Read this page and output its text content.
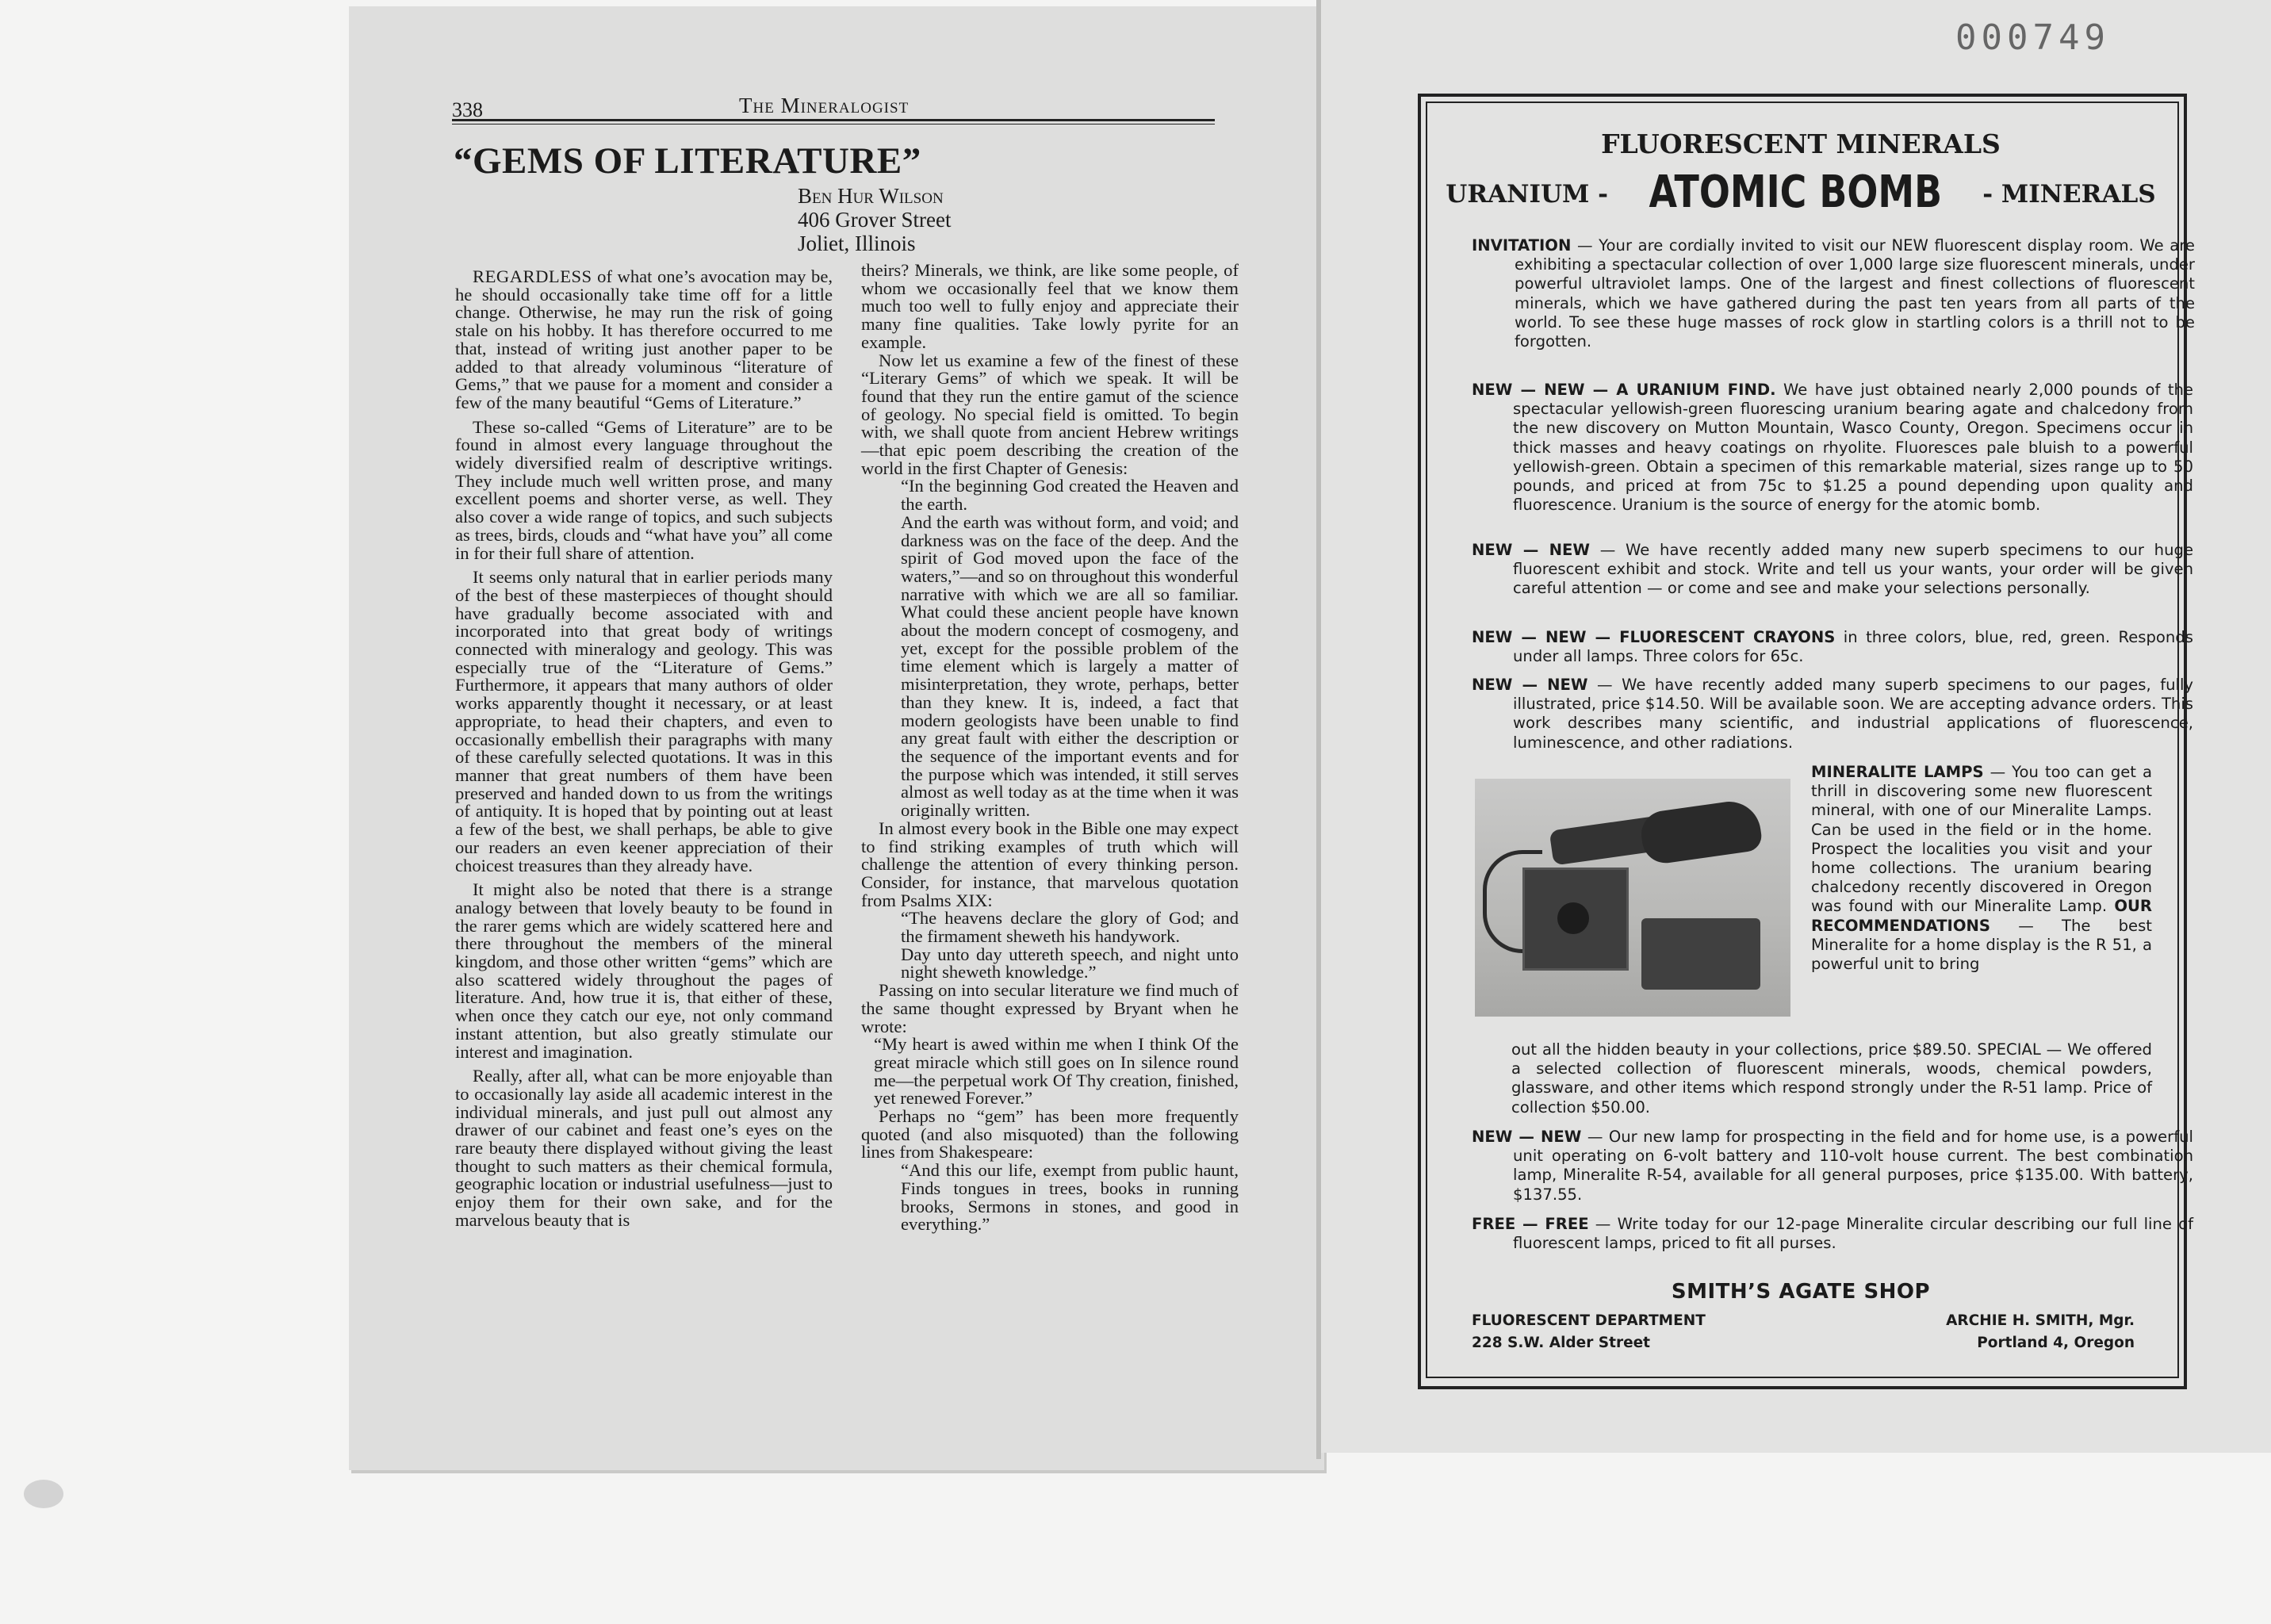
000749
338	The Mineralogist
“GEMS OF LITERATURE”
Ben Hur Wilson
406 Grover Street
Joliet, Illinois

REGARDLESS of what one’s avocation may be, he should occasionally take time off for a little change. Otherwise, he may run the risk of going stale on his hobby. It has therefore occurred to me that, instead of writing just another paper to be added to that already voluminous “literature of Gems,” that we pause for a moment and consider a few of the many beautiful “Gems of Literature.”

These so-called “Gems of Literature” are to be found in almost every language throughout the widely diversified realm of descriptive writings. They include much well written prose, and many excellent poems and shorter verse, as well. They also cover a wide range of topics, and such subjects as trees, birds, clouds and “what have you” all come in for their full share of attention.

It seems only natural that in earlier periods many of the best of these masterpieces of thought should have gradually become associated with and incorporated into that great body of writings connected with mineralogy and geology. This was especially true of the “Literature of Gems.” Furthermore, it appears that many authors of older works apparently thought it necessary, or at least appropriate, to head their chapters, and even to occasionally embellish their paragraphs with many of these carefully selected quotations. It was in this manner that great numbers of them have been preserved and handed down to us from the writings of antiquity. It is hoped that by pointing out at least a few of the best, we shall perhaps, be able to give our readers an even keener appreciation of their choicest treasures than they already have.

It might also be noted that there is a strange analogy between that lovely beauty to be found in the rarer gems which are widely scattered here and there throughout the members of the mineral kingdom, and those other written “gems” which are also scattered widely throughout the pages of literature. And, how true it is, that either of these, when once they catch our eye, not only command instant attention, but also greatly stimulate our interest and imagination.

Really, after all, what can be more enjoyable than to occasionally lay aside all academic interest in the individual minerals, and just pull out almost any drawer of our cabinet and feast one’s eyes on the rare beauty there displayed without giving the least thought to such matters as their chemical formula, geographic location or industrial usefulness—just to enjoy them for their own sake, and for the marvelous beauty that is

theirs? Minerals, we think, are like some people, of whom we occasionally feel that we know them much too well to fully enjoy and appreciate their many fine qualities. Take lowly pyrite for an example.

Now let us examine a few of the finest of these “Literary Gems” of which we speak. It will be found that they run the entire gamut of the science of geology. No special field is omitted. To begin with, we shall quote from ancient Hebrew writings—that epic poem describing the creation of the world in the first Chapter of Genesis:

“In the beginning God created the Heaven and the earth.

And the earth was without form, and void; and darkness was on the face of the deep. And the spirit of God moved upon the face of the waters,”—and so on throughout this wonderful narrative with which we are all so familiar. What could these ancient people have known about the modern concept of cosmogeny, and yet, except for the possible problem of the time element which is largely a matter of misinterpretation, they wrote, perhaps, better than they knew. It is, indeed, a fact that modern geologists have been unable to find any great fault with either the description or the sequence of the important events and for the purpose which was intended, it still serves almost as well today as at the time when it was originally written.

In almost every book in the Bible one may expect to find striking examples of truth which will challenge the attention of every thinking person. Consider, for instance, that marvelous quotation from Psalms XIX:

“The heavens declare the glory of God; and the firmament sheweth his handywork.

Day unto day uttereth speech, and night unto night sheweth knowledge.”

Passing on into secular literature we find much of the same thought expressed by Bryant when he wrote:

“My heart is awed within me when I think Of the great miracle which still goes on In silence round me—the perpetual work Of Thy creation, finished, yet renewed Forever.”

Perhaps no “gem” has been more frequently quoted (and also misquoted) than the following lines from Shakespeare:

“And this our life, exempt from public haunt, Finds tongues in trees, books in running brooks, Sermons in stones, and good in everything.”

FLUORESCENT MINERALS
URANIUM - ATOMIC BOMB - MINERALS
INVITATION — Your are cordially invited to visit our NEW fluorescent display room. We are exhibiting a spectacular collection of over 1,000 large size fluorescent minerals, under powerful ultraviolet lamps. One of the largest and finest collections of fluorescent minerals, which we have gathered during the past ten years from all parts of the world. To see these huge masses of rock glow in startling colors is a thrill not to be forgotten.
NEW — NEW — A URANIUM FIND. We have just obtained nearly 2,000 pounds of the spectacular yellowish-green fluorescing uranium bearing agate and chalcedony from the new discovery on Mutton Mountain, Wasco County, Oregon. Specimens occur in thick masses and heavy coatings on rhyolite. Fluoresces pale bluish to a powerful yellowish-green. Obtain a specimen of this remarkable material, sizes range up to 50 pounds, and priced at from 75c to $1.25 a pound depending upon quality and fluorescence. Uranium is the source of energy for the atomic bomb.
NEW — NEW — We have recently added many new superb specimens to our huge fluorescent exhibit and stock. Write and tell us your wants, your order will be given careful attention — or come and see and make your selections personally.
NEW — NEW — FLUORESCENT CRAYONS in three colors, blue, red, green. Responds under all lamps. Three colors for 65c.
NEW — NEW — We have recently added many superb specimens to our pages, fully illustrated, price $14.50. Will be available soon. We are accepting advance orders. This work describes many scientific, and industrial applications of fluorescence, luminescence, and other radiations.
MINERALITE LAMPS — You too can get a thrill in discovering some new fluorescent mineral, with one of our Mineralite Lamps. Can be used in the field or in the home. Prospect the localities you visit and your home collections. The uranium bearing chalcedony recently discovered in Oregon was found with our Mineralite Lamp. OUR RECOMMENDATIONS — The best Mineralite for a home display is the R 51, a powerful unit to bring
out all the hidden beauty in your collections, price $89.50. SPECIAL — We offered a selected collection of fluorescent minerals, woods, chemical powders, glassware, and other items which respond strongly under the R-51 lamp. Price of collection $50.00.
NEW — NEW — Our new lamp for prospecting in the field and for home use, is a powerful unit operating on 6-volt battery and 110-volt house current. The best combination lamp, Mineralite R-54, available for all general purposes, price $135.00. With battery, $137.55.
FREE — FREE — Write today for our 12-page Mineralite circular describing our full line of fluorescent lamps, priced to fit all purses.
SMITH’S AGATE SHOP
FLUORESCENT DEPARTMENT
228 S.W. Alder Street
ARCHIE H. SMITH, Mgr.
Portland 4, Oregon
